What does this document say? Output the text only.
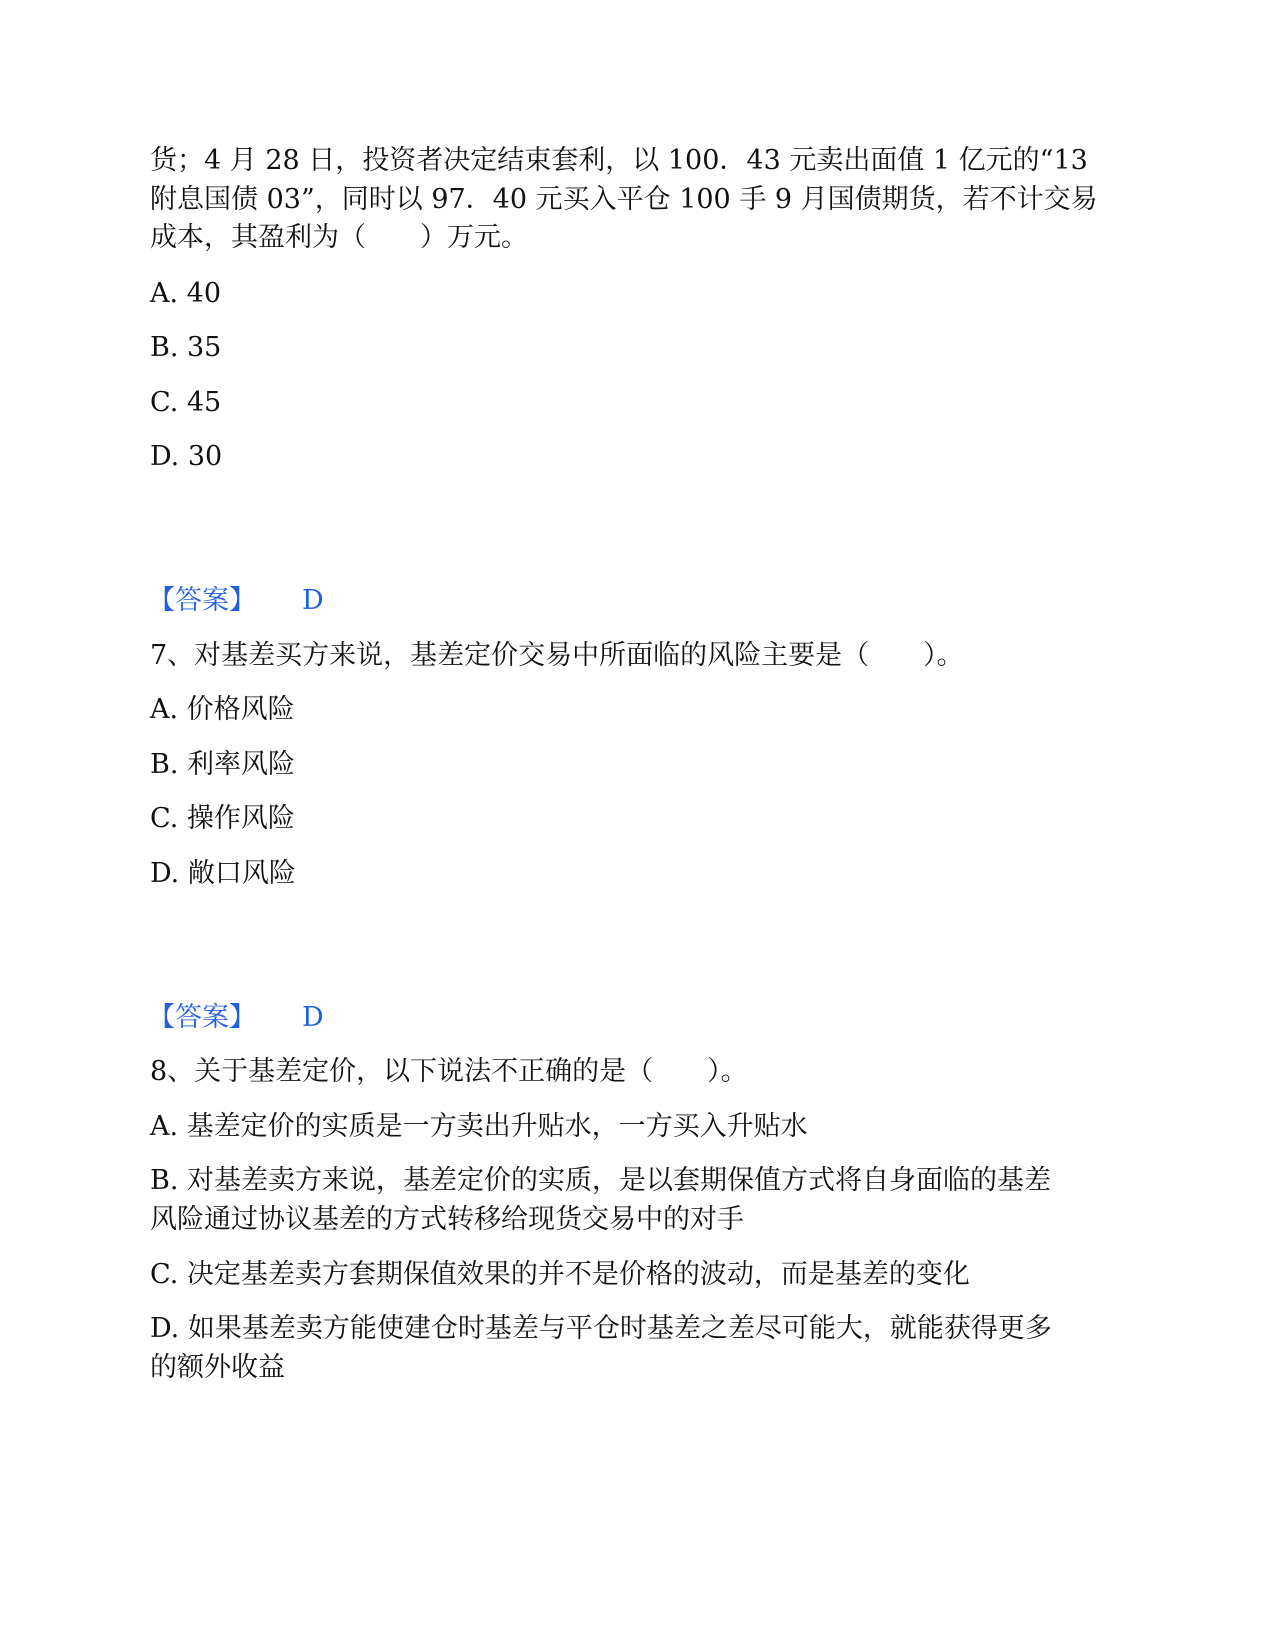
货；4 月 28 日，投资者决定结束套利，以 100．43 元卖出面值 1 亿元的“13

附息国债 03”，同时以 97．40 元买入平仓 100 手 9 月国债期货，若不计交易

成本，其盈利为（　　）万元。

A. 40

B. 35

C. 45

D. 30

【答案】 D

7、对基差买方来说，基差定价交易中所面临的风险主要是（　　）。

A. 价格风险

B. 利率风险

C. 操作风险

D. 敞口风险

【答案】 D

8、关于基差定价，以下说法不正确的是（　　）。

A. 基差定价的实质是一方卖出升贴水，一方买入升贴水

B. 对基差卖方来说，基差定价的实质，是以套期保值方式将自身面临的基差

风险通过协议基差的方式转移给现货交易中的对手

C. 决定基差卖方套期保值效果的并不是价格的波动，而是基差的变化

D. 如果基差卖方能使建仓时基差与平仓时基差之差尽可能大，就能获得更多

的额外收益
